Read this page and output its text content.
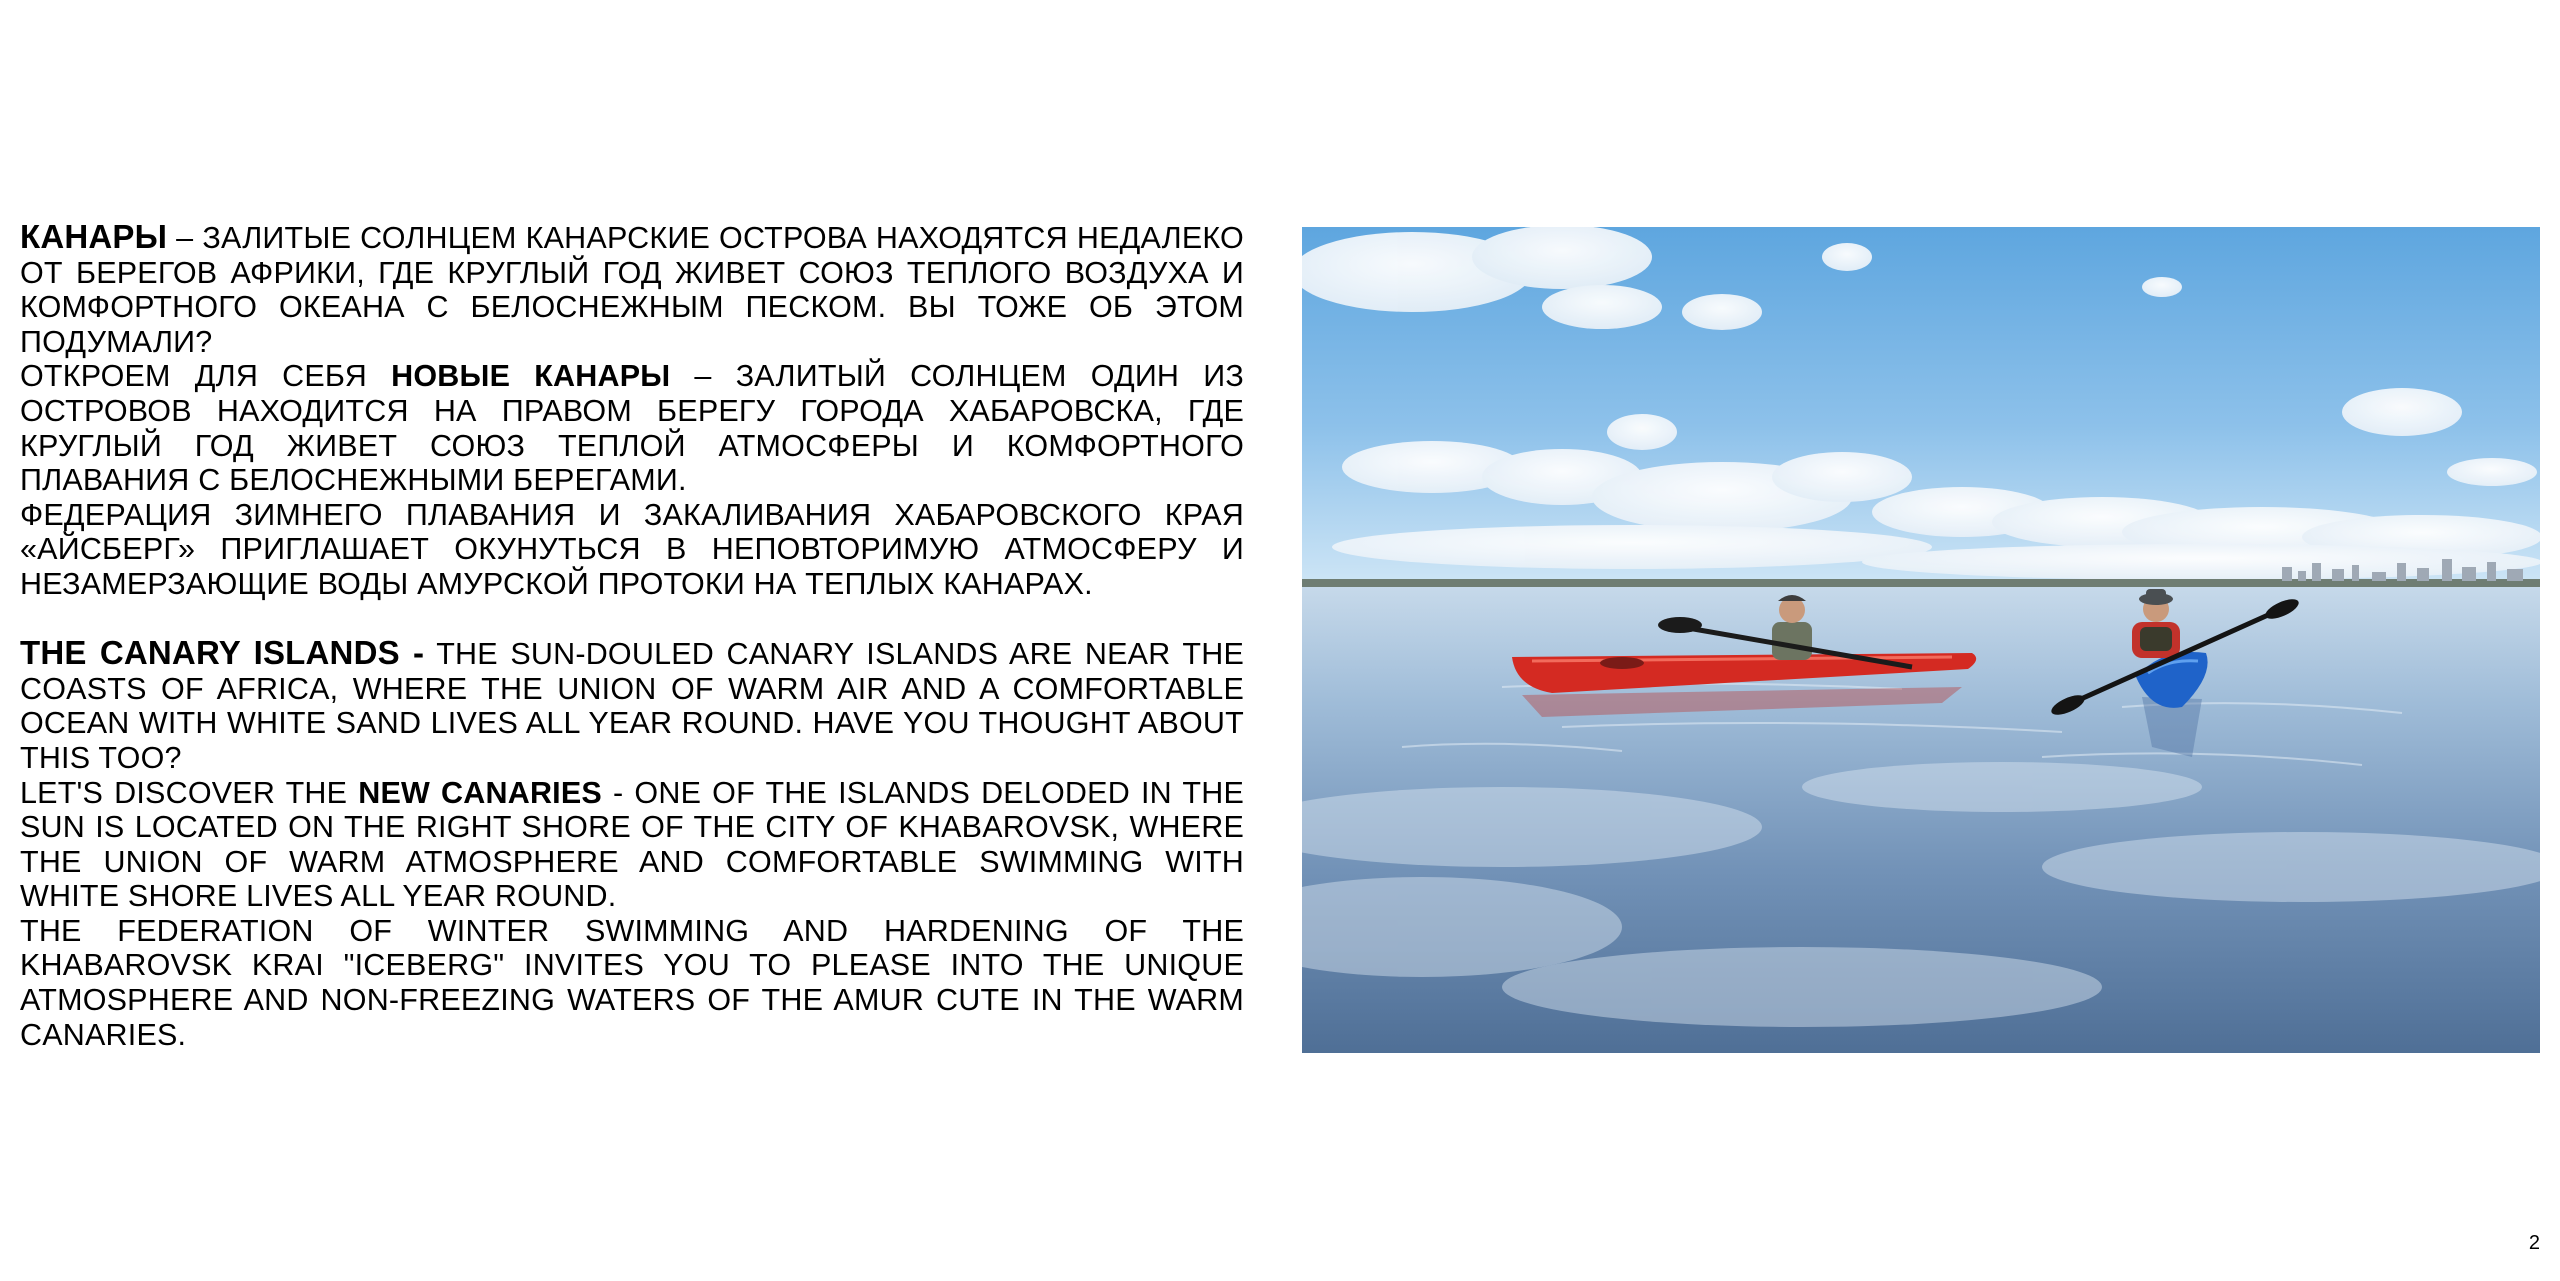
КАНАРЫ – ЗАЛИТЫЕ СОЛНЦЕМ КАНАРСКИЕ ОСТРОВА НАХОДЯТСЯ НЕДАЛЕКО ОТ БЕРЕГОВ АФРИКИ, ГДЕ КРУГЛЫЙ ГОД ЖИВЕТ СОЮЗ ТЕПЛОГО ВОЗДУХА И КОМФОРТНОГО ОКЕАНА С БЕЛОСНЕЖНЫМ ПЕСКОМ. ВЫ ТОЖЕ ОБ ЭТОМ ПОДУМАЛИ?

ОТКРОЕМ ДЛЯ СЕБЯ НОВЫЕ КАНАРЫ – ЗАЛИТЫЙ СОЛНЦЕМ ОДИН ИЗ ОСТРОВОВ НАХОДИТСЯ НА ПРАВОМ БЕРЕГУ ГОРОДА ХАБАРОВСКА, ГДЕ КРУГЛЫЙ ГОД ЖИВЕТ СОЮЗ ТЕПЛОЙ АТМОСФЕРЫ И КОМФОРТНОГО ПЛАВАНИЯ С БЕЛОСНЕЖНЫМИ БЕРЕГАМИ.

ФЕДЕРАЦИЯ ЗИМНЕГО ПЛАВАНИЯ И ЗАКАЛИВАНИЯ ХАБАРОВСКОГО КРАЯ «АЙСБЕРГ» ПРИГЛАШАЕТ ОКУНУТЬСЯ В НЕПОВТОРИМУЮ АТМОСФЕРУ И НЕЗАМЕРЗАЮЩИЕ ВОДЫ АМУРСКОЙ ПРОТОКИ НА ТЕПЛЫХ КАНАРАХ.

THE CANARY ISLANDS - THE SUN-DOULED CANARY ISLANDS ARE NEAR THE COASTS OF AFRICA, WHERE THE UNION OF WARM AIR AND A COMFORTABLE OCEAN WITH WHITE SAND LIVES ALL YEAR ROUND. HAVE YOU THOUGHT ABOUT THIS TOO?

LET'S DISCOVER THE NEW CANARIES - ONE OF THE ISLANDS DELODED IN THE SUN IS LOCATED ON THE RIGHT SHORE OF THE CITY OF KHABAROVSK, WHERE THE UNION OF WARM ATMOSPHERE AND COMFORTABLE SWIMMING WITH WHITE SHORE LIVES ALL YEAR ROUND.

THE FEDERATION OF WINTER SWIMMING AND HARDENING OF THE KHABAROVSK KRAI "ICEBERG" INVITES YOU TO PLEASE INTO THE UNIQUE ATMOSPHERE AND NON-FREEZING WATERS OF THE AMUR CUTE IN THE WARM CANARIES.

2
